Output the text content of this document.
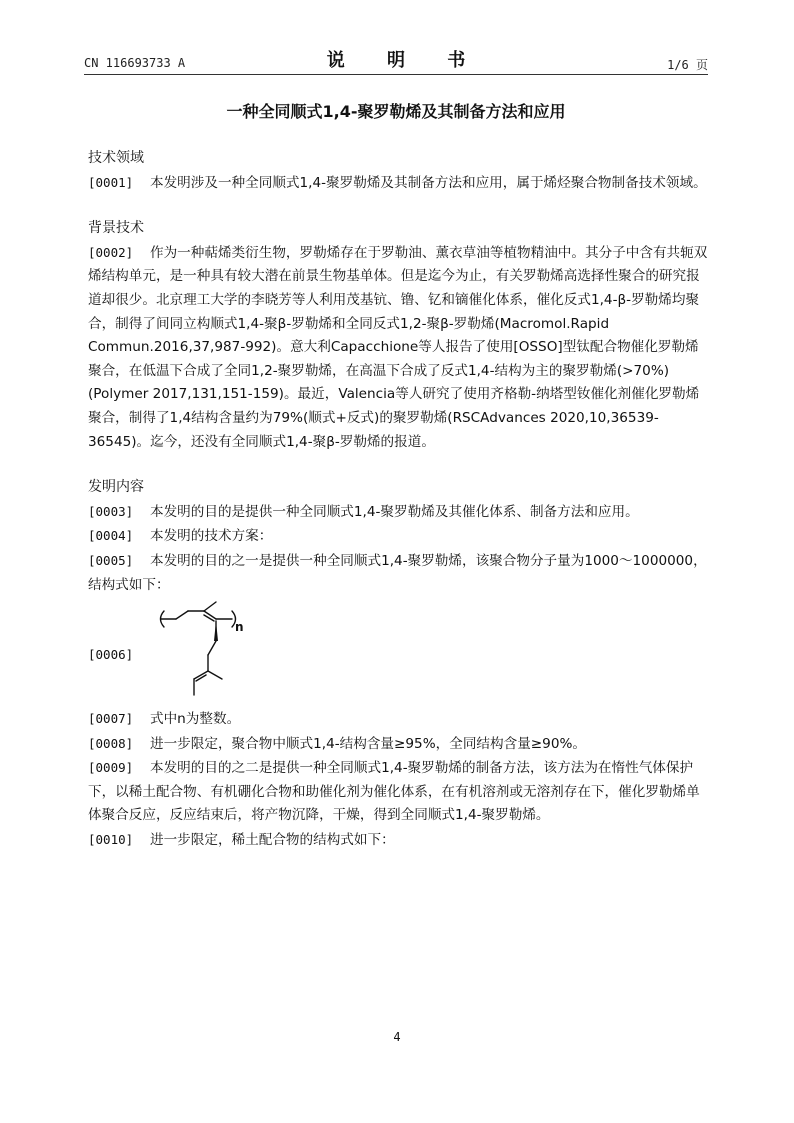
CN 116693733 A	说 明 书	1/6 页
一种全同顺式1,4-聚罗勒烯及其制备方法和应用
技术领域
[0001] 本发明涉及一种全同顺式1,4-聚罗勒烯及其制备方法和应用，属于烯烃聚合物制备技术领域。
背景技术
[0002] 作为一种萜烯类衍生物，罗勒烯存在于罗勒油、薰衣草油等植物精油中。其分子中含有共轭双烯结构单元，是一种具有较大潜在前景生物基单体。但是迄今为止，有关罗勒烯高选择性聚合的研究报道却很少。北京理工大学的李晓芳等人利用茂基钪、镥、钇和镝催化体系，催化反式1,4-β-罗勒烯均聚合，制得了间同立构顺式1,4-聚β-罗勒烯和全同反式1,2-聚β-罗勒烯(Macromol.Rapid Commun.2016,37,987-992)。意大利Capacchione等人报告了使用[OSSO]型钛配合物催化罗勒烯聚合，在低温下合成了全同1,2-聚罗勒烯，在高温下合成了反式1,4-结构为主的聚罗勒烯(>70%)(Polymer 2017,131,151-159)。最近，Valencia等人研究了使用齐格勒-纳塔型钕催化剂催化罗勒烯聚合，制得了1,4结构含量约为79%(顺式+反式)的聚罗勒烯(RSCAdvances 2020,10,36539-36545)。迄今，还没有全同顺式1,4-聚β-罗勒烯的报道。
发明内容
[0003] 本发明的目的是提供一种全同顺式1,4-聚罗勒烯及其催化体系、制备方法和应用。
[0004] 本发明的技术方案：
[0005] 本发明的目的之一是提供一种全同顺式1,4-聚罗勒烯，该聚合物分子量为1000～1000000，结构式如下：
[0006]
n
[0007] 式中n为整数。
[0008] 进一步限定，聚合物中顺式1,4-结构含量≥95%，全同结构含量≥90%。
[0009] 本发明的目的之二是提供一种全同顺式1,4-聚罗勒烯的制备方法，该方法为在惰性气体保护下，以稀土配合物、有机硼化合物和助催化剂为催化体系，在有机溶剂或无溶剂存在下，催化罗勒烯单体聚合反应，反应结束后，将产物沉降，干燥，得到全同顺式1,4-聚罗勒烯。
[0010] 进一步限定，稀土配合物的结构式如下：
4
